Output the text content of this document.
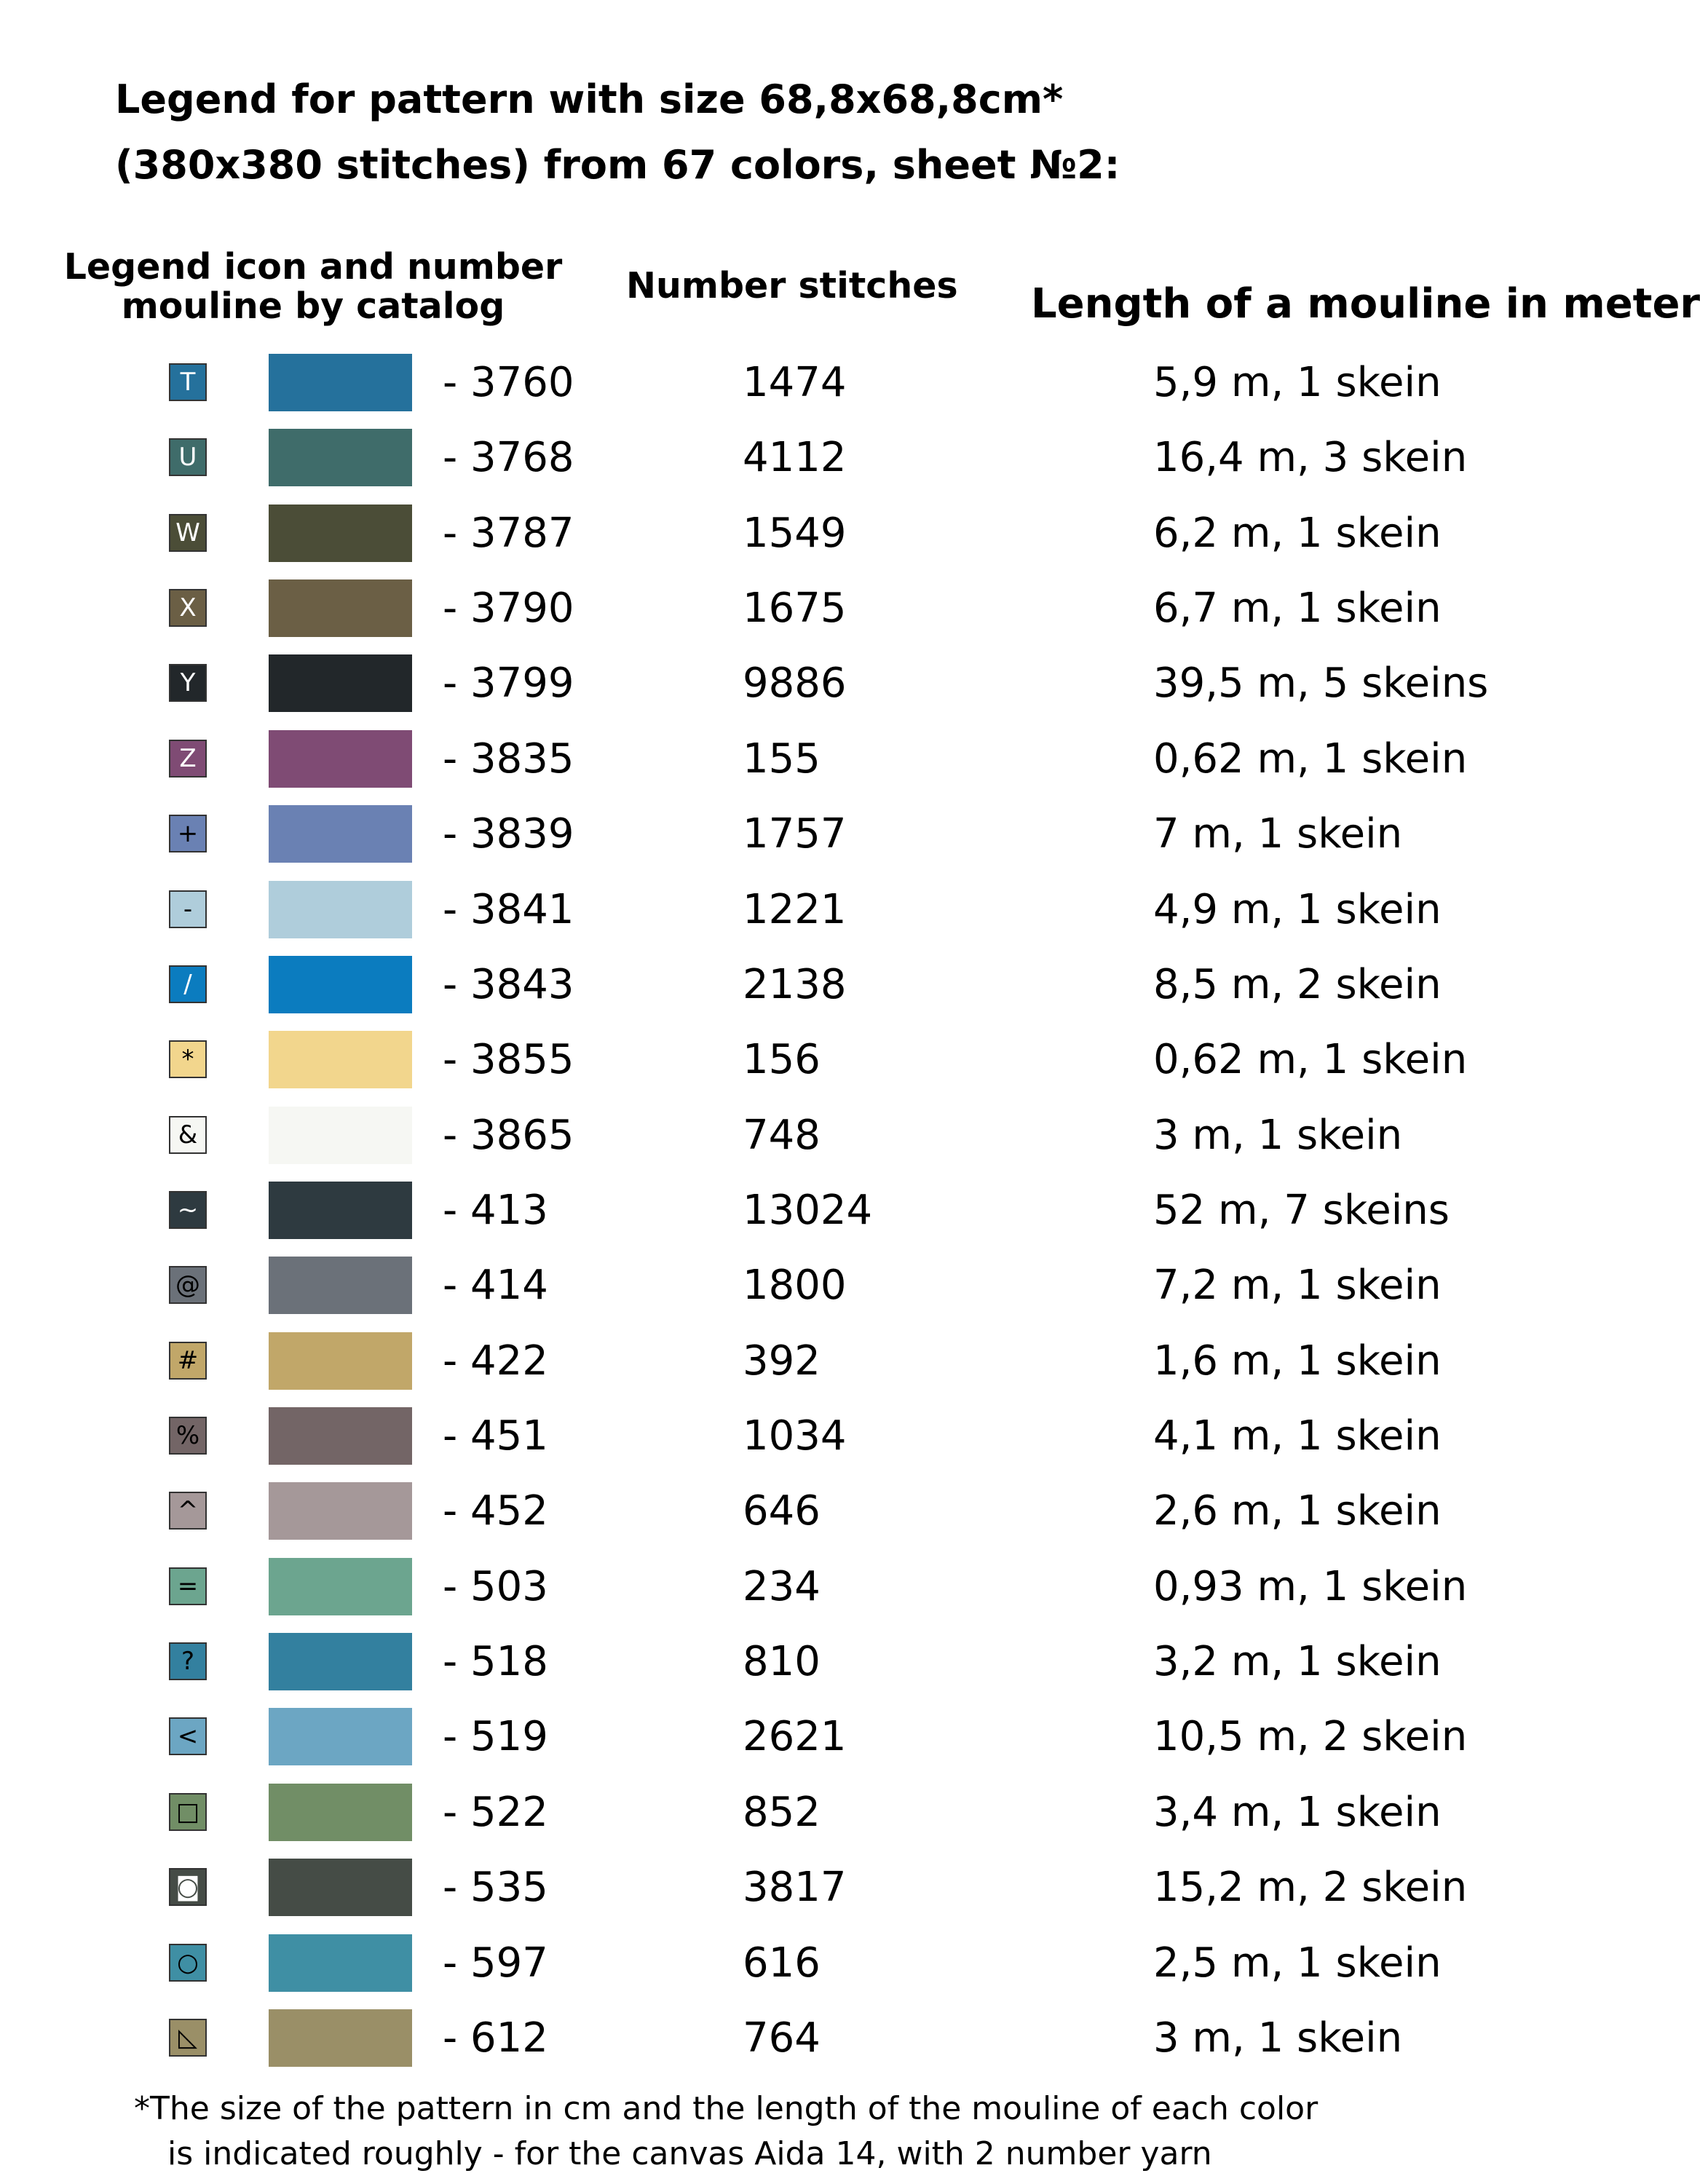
Legend for pattern with size 68,8x68,8cm*
(380x380 stitches) from 67 colors, sheet №2:
Legend icon and number
mouline by catalog	Number stitches Length of a mouline in meter
T	- 3760	1474	5,9 m, 1 skein
U	- 3768	4112	16,4 m, 3 skein
W	- 3787	1549	6,2 m, 1 skein
X	- 3790	1675	6,7 m, 1 skein
Y	- 3799	9886	39,5 m, 5 skeins
Z	- 3835	155	0,62 m, 1 skein
+	- 3839	1757	7 m, 1 skein
-	- 3841	1221	4,9 m, 1 skein
/	- 3843	2138	8,5 m, 2 skein
*	- 3855	156	0,62 m, 1 skein
&	- 3865	748	3 m, 1 skein
~	- 413	13024	52 m, 7 skeins
@	- 414	1800	7,2 m, 1 skein
#	- 422	392	1,6 m, 1 skein
%	- 451	1034	4,1 m, 1 skein
^	- 452	646	2,6 m, 1 skein
=	- 503	234	0,93 m, 1 skein
?	- 518	810	3,2 m, 1 skein
<	- 519	2621	10,5 m, 2 skein
□	- 522	852	3,4 m, 1 skein
◙	- 535	3817	15,2 m, 2 skein
○	- 597	616	2,5 m, 1 skein
◺	- 612	764	3 m, 1 skein

*The size of the pattern in cm and the length of the mouline of each color
is indicated roughly - for the canvas Aida 14, with 2 number yarn
